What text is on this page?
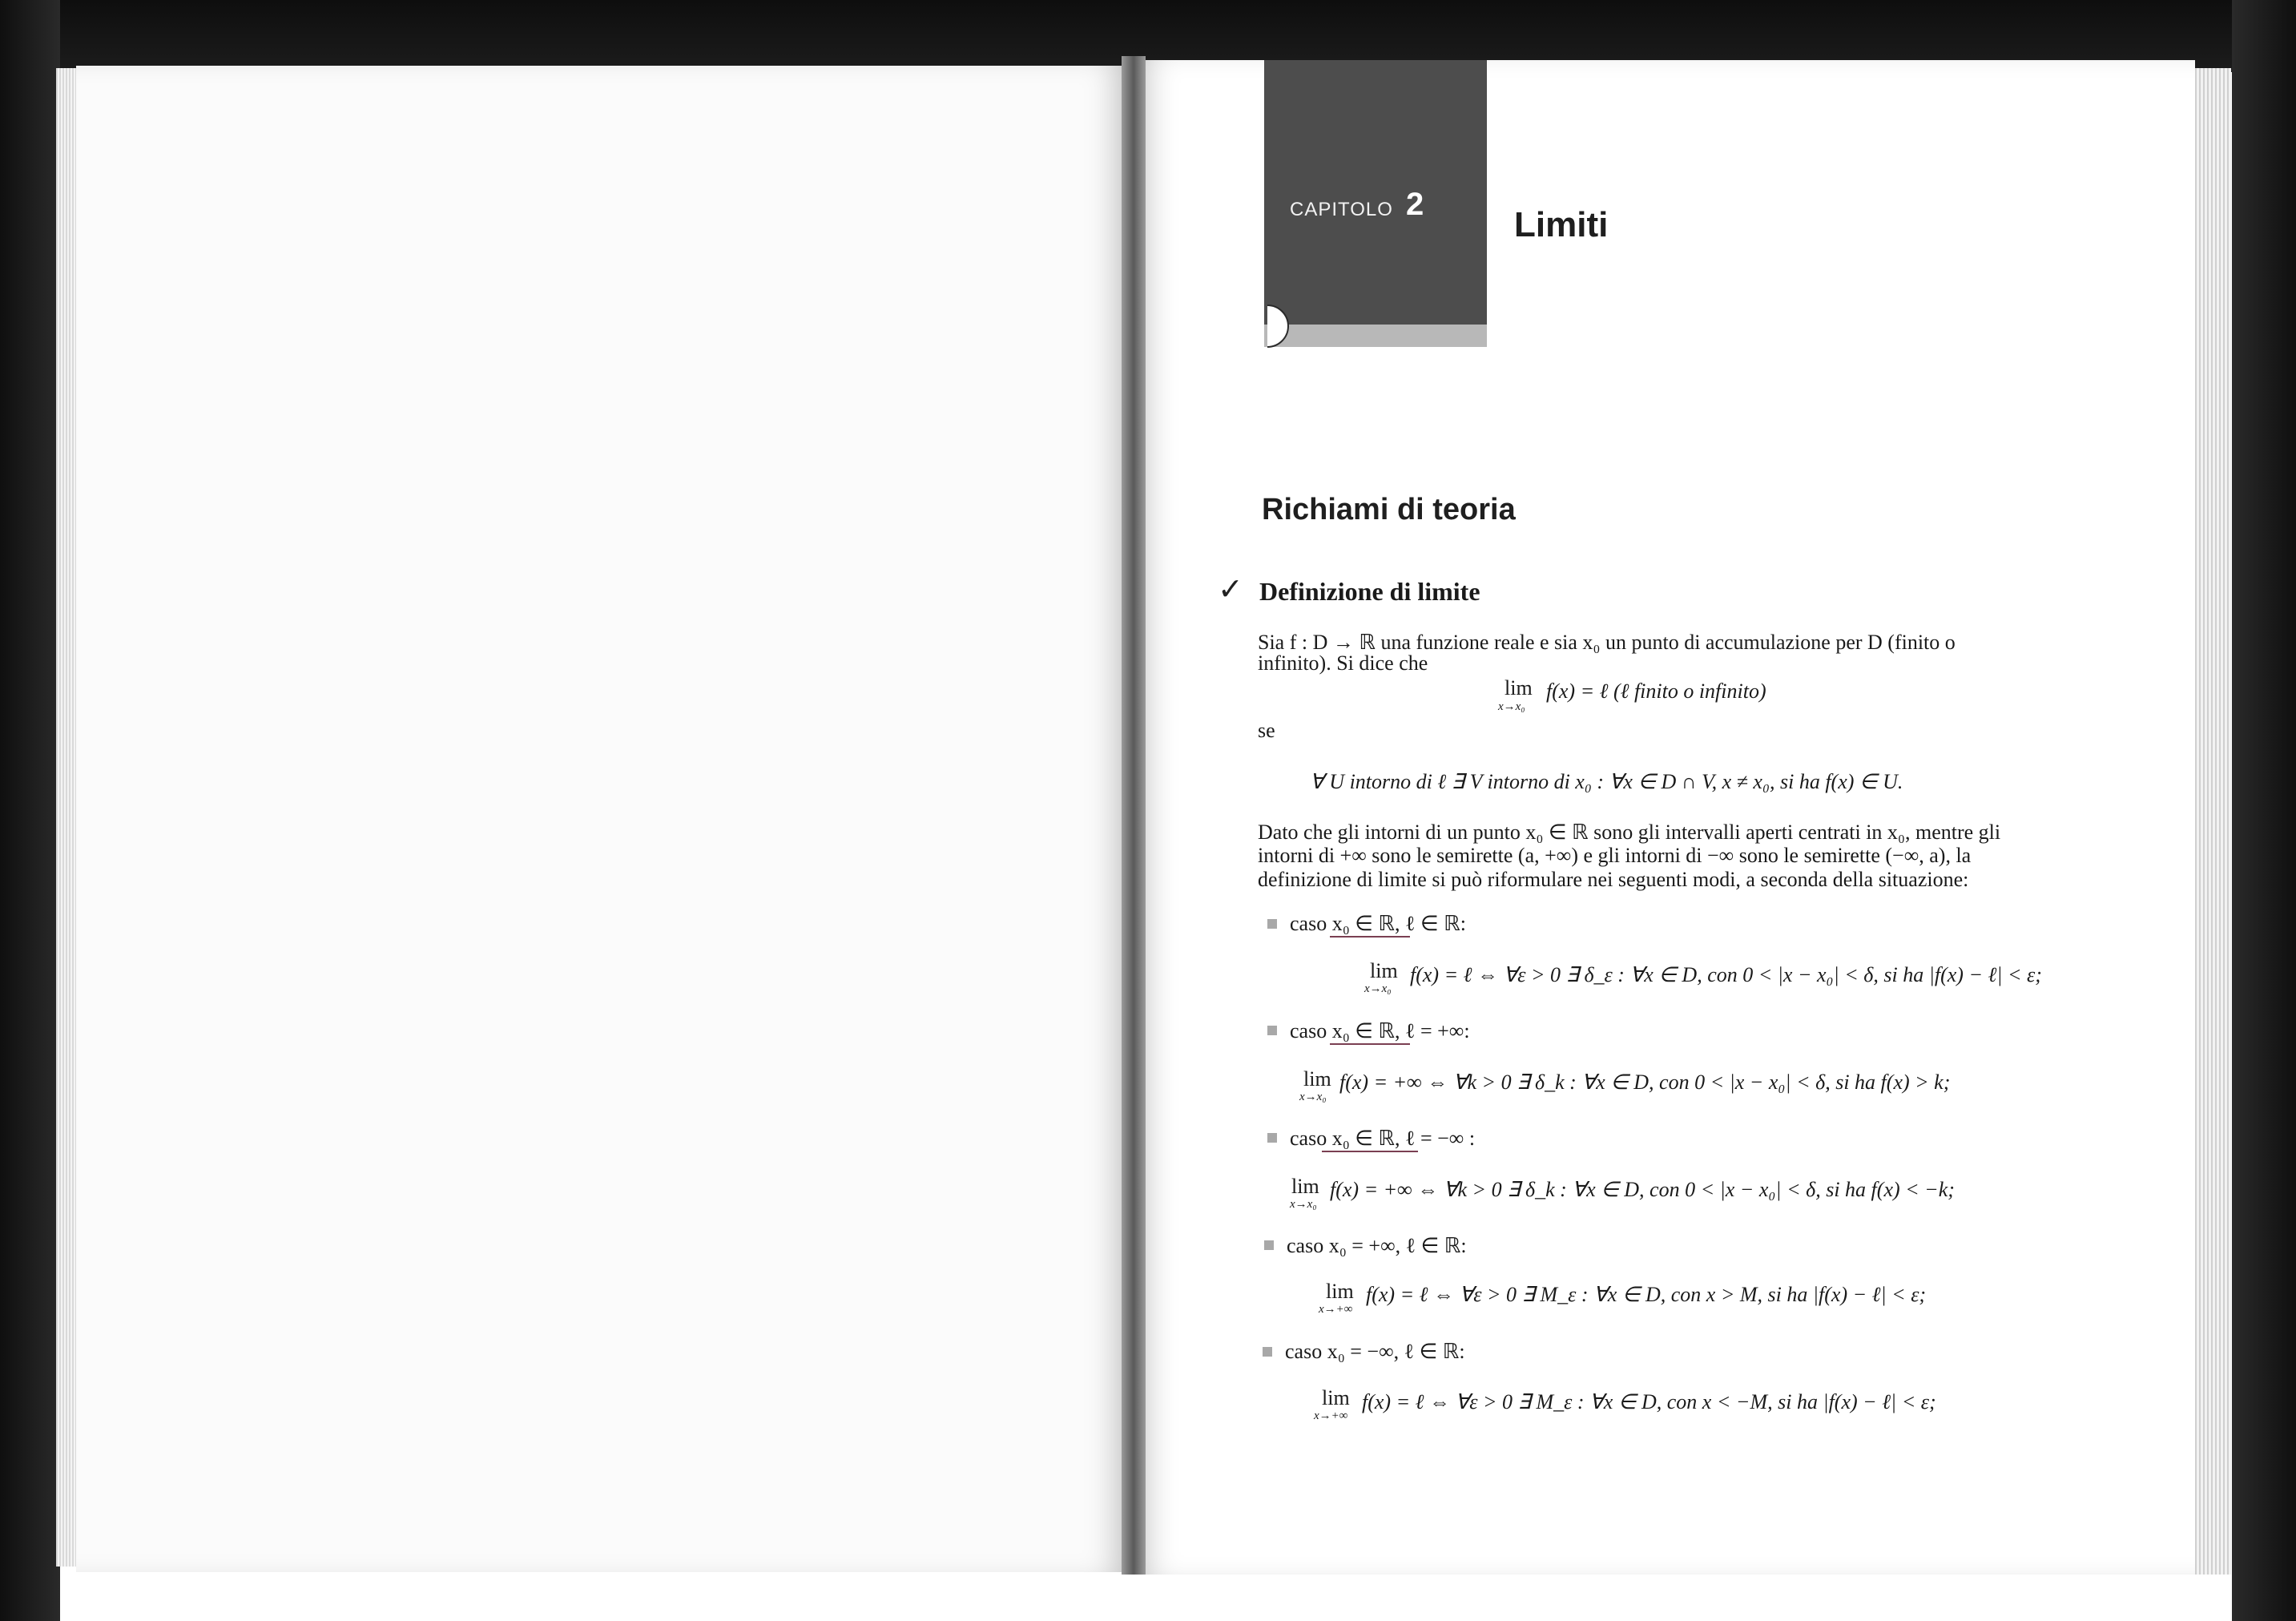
CAPITOLO 2
Limiti
Richiami di teoria
✓ Definizione di limite
Sia f : D → ℝ una funzione reale e sia x₀ un punto di accumulazione per D (finito o
infinito). Si dice che
lim
x→x₀
f(x) = ℓ (ℓ finito o infinito)
se
∀ U intorno di ℓ ∃ V intorno di x₀ : ∀x ∈ D ∩ V, x ≠ x₀, si ha f(x) ∈ U.
Dato che gli intorni di un punto x₀ ∈ ℝ sono gli intervalli aperti centrati in x₀, mentre gli
intorni di +∞ sono le semirette (a, +∞) e gli intorni di −∞ sono le semirette (−∞, a), la
definizione di limite si può riformulare nei seguenti modi, a seconda della situazione:
caso x₀ ∈ ℝ, ℓ ∈ ℝ:
lim
x→x₀
f(x) = ℓ ⇔ ∀ε > 0 ∃ δ_ε : ∀x ∈ D, con 0 < |x − x₀| < δ, si ha |f(x) − ℓ| < ε;
caso x₀ ∈ ℝ, ℓ = +∞:
lim
x→x₀
f(x) = +∞ ⇔ ∀k > 0 ∃ δ_k : ∀x ∈ D, con 0 < |x − x₀| < δ, si ha f(x) > k;
caso x₀ ∈ ℝ, ℓ = −∞ :
lim
x→x₀
f(x) = +∞ ⇔ ∀k > 0 ∃ δ_k : ∀x ∈ D, con 0 < |x − x₀| < δ, si ha f(x) < −k;
caso x₀ = +∞, ℓ ∈ ℝ:
lim
x→+∞
f(x) = ℓ ⇔ ∀ε > 0 ∃ M_ε : ∀x ∈ D, con x > M, si ha |f(x) − ℓ| < ε;
caso x₀ = −∞, ℓ ∈ ℝ:
lim
x→+∞
f(x) = ℓ ⇔ ∀ε > 0 ∃ M_ε : ∀x ∈ D, con x < −M, si ha |f(x) − ℓ| < ε;
